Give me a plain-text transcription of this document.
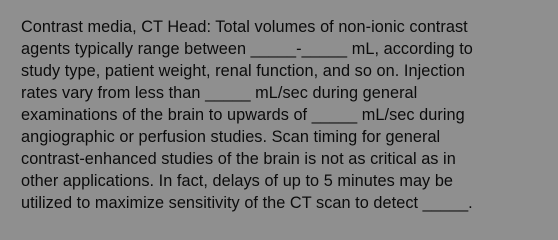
Contrast media, CT Head: Total volumes of non-ionic contrast
agents typically range between _____-_____ mL, according to
study type, patient weight, renal function, and so on. Injection
rates vary from less than _____ mL/sec during general
examinations of the brain to upwards of _____ mL/sec during
angiographic or perfusion studies. Scan timing for general
contrast-enhanced studies of the brain is not as critical as in
other applications. In fact, delays of up to 5 minutes may be
utilized to maximize sensitivity of the CT scan to detect _____.
